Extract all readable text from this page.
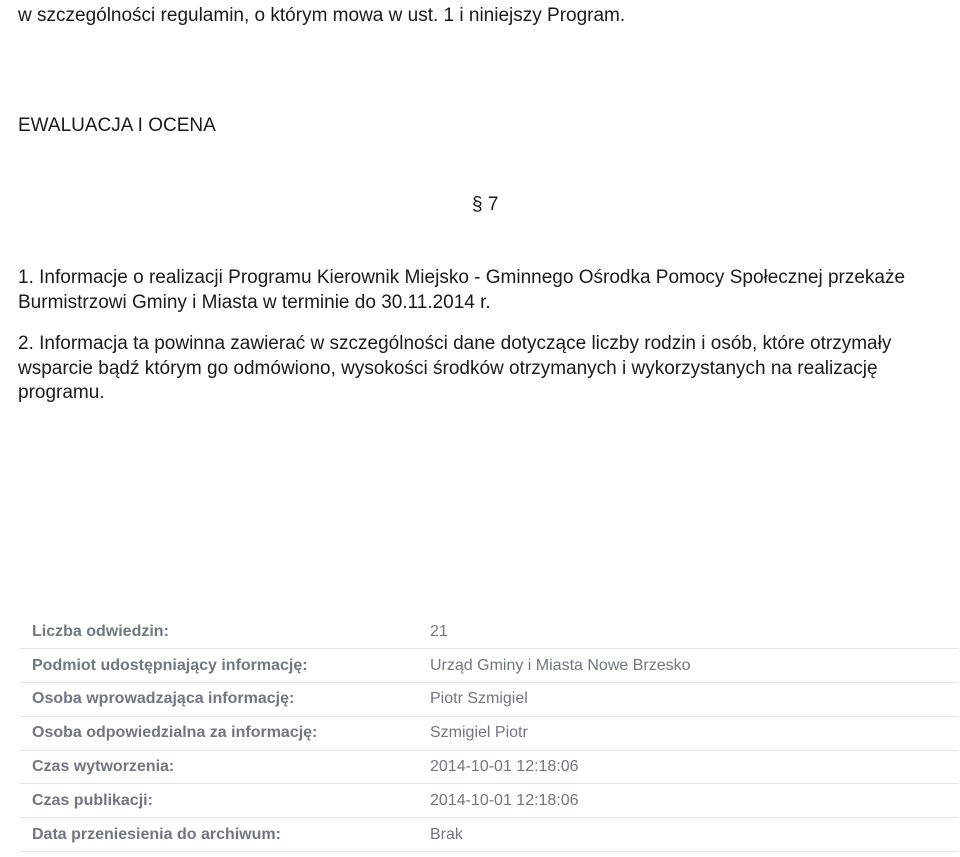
w szczególności regulamin, o którym mowa w ust. 1 i niniejszy Program.
EWALUACJA I OCENA
§ 7
1. Informacje o realizacji Programu Kierownik Miejsko - Gminnego Ośrodka Pomocy Społecznej przekaże Burmistrzowi Gminy i Miasta w terminie do 30.11.2014 r.
2. Informacja ta powinna zawierać w szczególności dane dotyczące liczby rodzin i osób, które otrzymały wsparcie bądź którym go odmówiono, wysokości środków otrzymanych i wykorzystanych na realizację programu.
Liczba odwiedzin:	21
Podmiot udostępniający informację:	Urząd Gminy i Miasta Nowe Brzesko
Osoba wprowadzająca informację:	Piotr Szmigiel
Osoba odpowiedzialna za informację:	Szmigiel Piotr
Czas wytworzenia:	2014-10-01 12:18:06
Czas publikacji:	2014-10-01 12:18:06
Data przeniesienia do archiwum:	Brak
